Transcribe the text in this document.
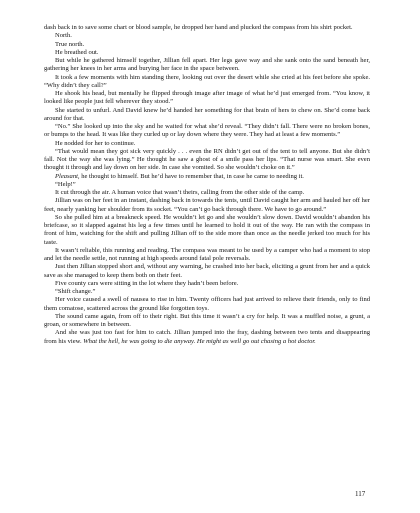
dash back in to save some chart or blood sample, he dropped her hand and plucked the compass from his shirt pocket.

North.

True north.

He breathed out.

But while he gathered himself together, Jillian fell apart. Her legs gave way and she sank onto the sand beneath her, gathering her knees in her arms and burying her face in the space between.

It took a few moments with him standing there, looking out over the desert while she cried at his feet before she spoke. “Why didn’t they call?”

He shook his head, but mentally he flipped through image after image of what he’d just emerged from. “You know, it looked like people just fell wherever they stood.”

She started to unfurl. And David knew he’d handed her something for that brain of hers to chew on. She’d come back around for that.

“No.” She looked up into the sky and he waited for what she’d reveal. “They didn’t fall. There were no broken bones, or bumps to the head. It was like they curled up or lay down where they were. They had at least a few moments.”

He nodded for her to continue.

“That would mean they got sick very quickly . . . even the RN didn’t get out of the tent to tell anyone. But she didn’t fall. Not the way she was lying.” He thought he saw a ghost of a smile pass her lips. “That nurse was smart. She even thought it through and lay down on her side. In case she vomited. So she wouldn’t choke on it.”

Pleasant, he thought to himself. But he’d have to remember that, in case he came to needing it.

“Help!”

It cut through the air. A human voice that wasn’t theirs, calling from the other side of the camp.

Jillian was on her feet in an instant, dashing back in towards the tents, until David caught her arm and hauled her off her feet, nearly yanking her shoulder from its socket. “You can’t go back through there. We have to go around.”

So she pulled him at a breakneck speed. He wouldn’t let go and she wouldn’t slow down. David wouldn’t abandon his briefcase, so it slapped against his leg a few times until he learned to hold it out of the way. He ran with the compass in front of him, watching for the shift and pulling Jillian off to the side more than once as the needle jerked too much for his taste.

It wasn’t reliable, this running and reading. The compass was meant to be used by a camper who had a moment to stop and let the needle settle, not running at high speeds around fatal pole reversals.

Just then Jillian stopped short and, without any warning, he crashed into her back, eliciting a grunt from her and a quick save as she managed to keep them both on their feet.

Five county cars were sitting in the lot where they hadn’t been before.

“Shift change.”

Her voice caused a swell of nausea to rise in him. Twenty officers had just arrived to relieve their friends, only to find them comatose, scattered across the ground like forgotten toys.

The sound came again, from off to their right. But this time it wasn’t a cry for help. It was a muffled noise, a grunt, a groan, or somewhere in between.

And she was just too fast for him to catch. Jillian jumped into the fray, dashing between two tents and disappearing from his view. What the hell, he was going to die anyway. He might as well go out chasing a hot doctor.

117
